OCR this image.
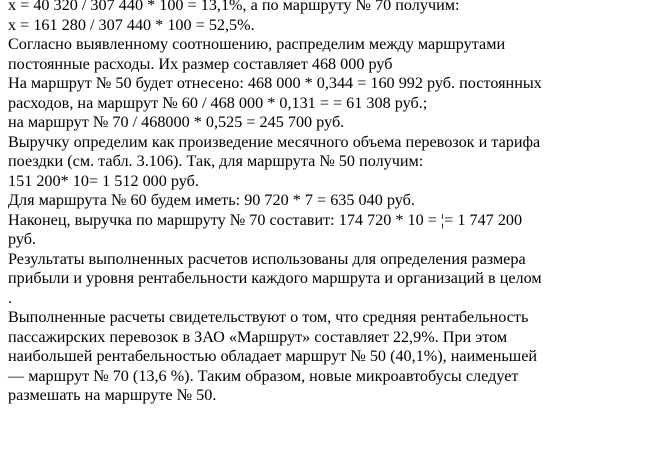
x = 40 320 / 307 440 * 100 = 13,1%, а по маршруту № 70 получим:
x = 161 280 / 307 440 * 100 = 52,5%.
Согласно выявленному соотношению, распределим между маршрутами
постоянные расходы. Их размер составляет 468 000 руб
На маршрут № 50 будет отнесено: 468 000 * 0,344 = 160 992 руб. постоянных
расходов, на маршрут № 60 / 468 000 * 0,131 = = 61 308 руб.;
на маршрут № 70 / 468000 * 0,525 = 245 700 руб.
Выручку определим как произведение месячного объема перевозок и тарифа
поездки (см. табл. 3.106). Так, для маршрута № 50 получим:
151 200* 10= 1 512 000 руб.
Для маршрута № 60 будем иметь: 90 720 * 7 = 635 040 руб.
Наконец, выручка по маршруту № 70 составит: 174 720 * 10 = ¦= 1 747 200
руб.
Результаты выполненных расчетов использованы для определения размера
прибыли и уровня рентабельности каждого маршрута и организаций в целом
.
Выполненные расчеты свидетельствуют о том, что средняя рентабельность
пассажирских перевозок в ЗАО «Маршрут» составляет 22,9%. При этом
наибольшей рентабельностью обладает маршрут № 50 (40,1%), наименьшей
— маршрут № 70 (13,6 %). Таким образом, новые микроавтобусы следует
размешать на маршруте № 50.
